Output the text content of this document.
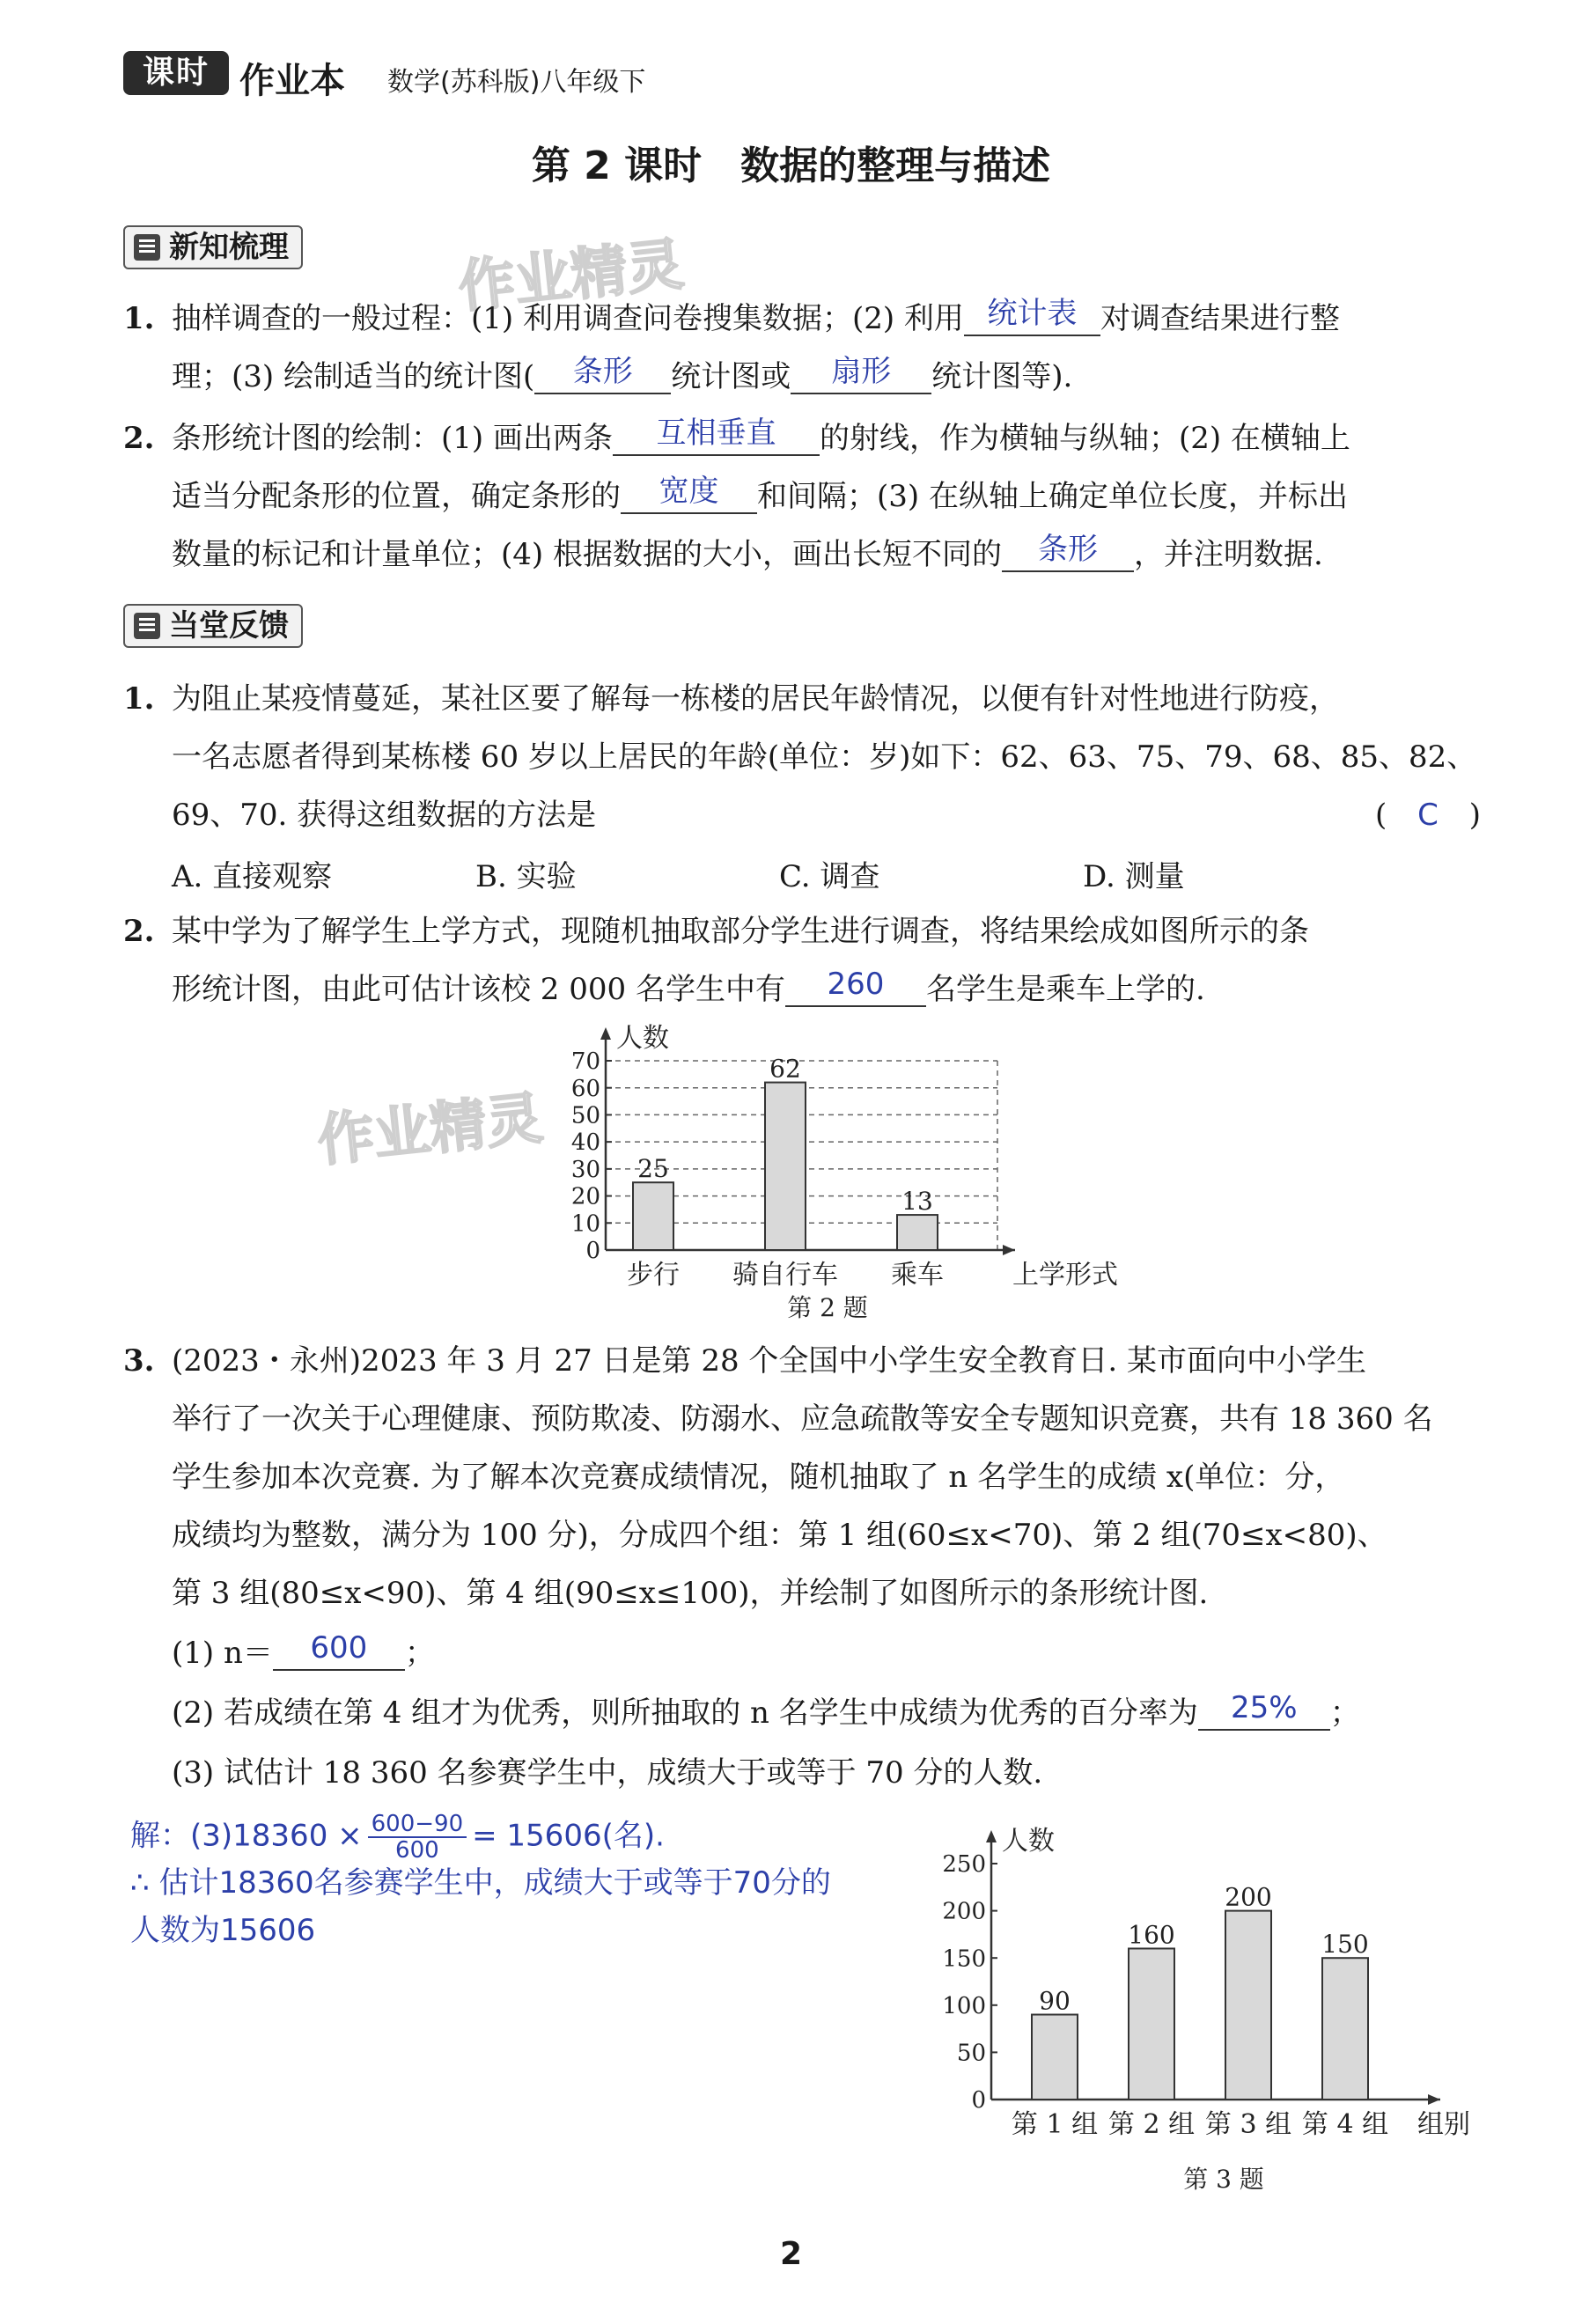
课时 作业本 数学(苏科版)八年级下
第 2 课时　数据的整理与描述
新知梳理	作业精灵
1. 抽样调查的一般过程：(1) 利用调查问卷搜集数据；(2) 利用 统计表 对调查结果进行整
理；(3) 绘制适当的统计图( 条形 统计图或 扇形 统计图等).
2. 条形统计图的绘制：(1) 画出两条 互相垂直 的射线，作为横轴与纵轴；(2) 在横轴上
适当分配条形的位置，确定条形的 宽度 和间隔；(3) 在纵轴上确定单位长度，并标出
数量的标记和计量单位；(4) 根据数据的大小，画出长短不同的 条形 ，并注明数据.
当堂反馈
1. 为阻止某疫情蔓延，某社区要了解每一栋楼的居民年龄情况，以便有针对性地进行防疫，
一名志愿者得到某栋楼 60 岁以上居民的年龄(单位：岁)如下：62、63、75、79、68、85、82、
69、70. 获得这组数据的方法是	( C )
A. 直接观察	B. 实验	C. 调查	D. 测量
2. 某中学为了解学生上学方式，现随机抽取部分学生进行调查，将结果绘成如图所示的条
形统计图，由此可估计该校 2 000 名学生中有 260 名学生是乘车上学的.
作业精灵
0
10
20
30
40
50
60
70
人数
25
步行
62
骑自行车
13
乘车	上学形式
第 2 题
3. (2023・永州)2023 年 3 月 27 日是第 28 个全国中小学生安全教育日. 某市面向中小学生
举行了一次关于心理健康、预防欺凌、防溺水、应急疏散等安全专题知识竞赛，共有 18 360 名
学生参加本次竞赛. 为了解本次竞赛成绩情况，随机抽取了 n 名学生的成绩 x(单位：分，
成绩均为整数，满分为 100 分)，分成四个组：第 1 组(60≤x<70)、第 2 组(70≤x<80)、
第 3 组(80≤x<90)、第 4 组(90≤x≤100)，并绘制了如图所示的条形统计图.
(1) n＝ 600 ；
(2) 若成绩在第 4 组才为优秀，则所抽取的 n 名学生中成绩为优秀的百分率为 25% ；
(3) 试估计 18 360 名参赛学生中，成绩大于或等于 70 分的人数.
解：$(3)18360 \times \frac{600-90}{600} = 15606$(名).
∴ 估计18360名参赛学生中，成绩大于或等于70分的
人数为15606
0
50
100
150
200
250
人数
90
第 1 组
160
第 2 组
200
第 3 组
150
第 4 组 组别
第 3 题
2
